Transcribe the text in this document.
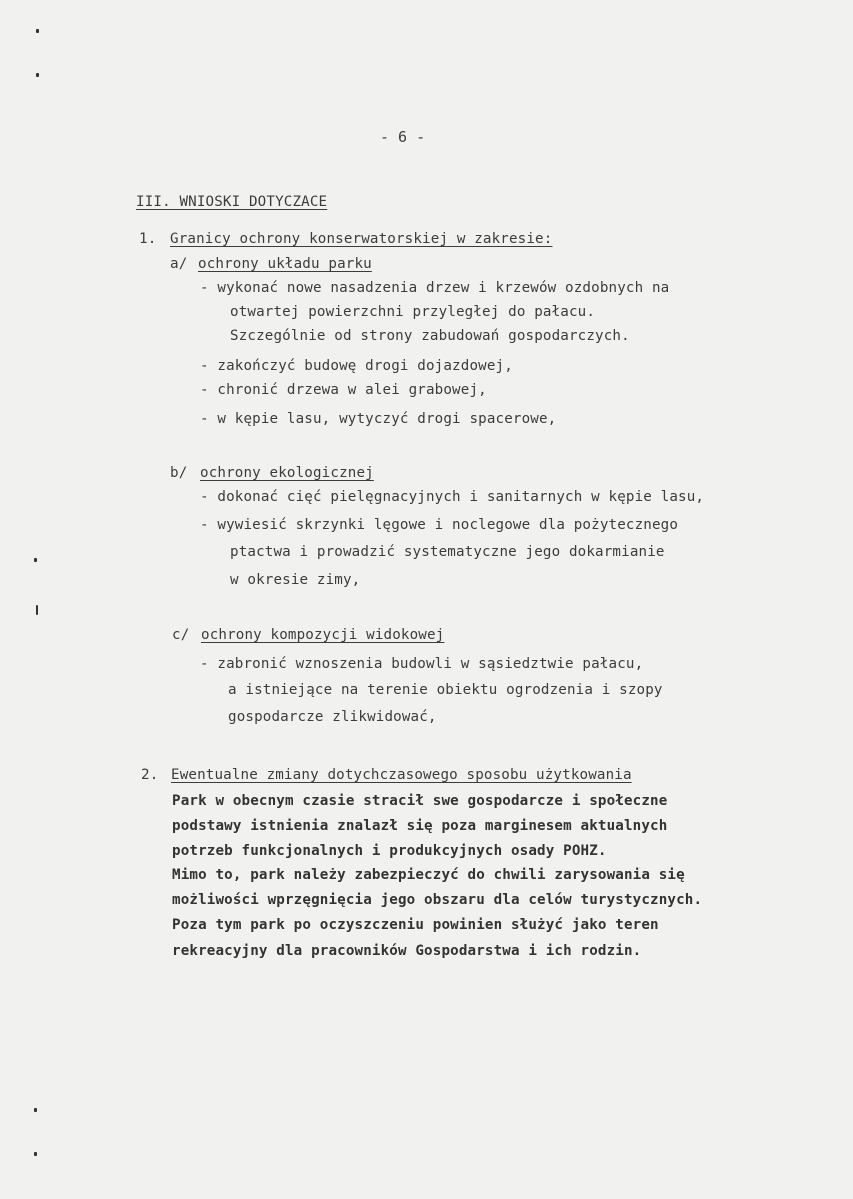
- 6 -
III. WNIOSKI DOTYCZACE
1. Granicy ochrony konserwatorskiej w zakresie:
a/ ochrony układu parku
- wykonać nowe nasadzenia drzew i krzewów ozdobnych na
otwartej powierzchni przyległej do pałacu.
Szczególnie od strony zabudowań gospodarczych.
- zakończyć budowę drogi dojazdowej,
- chronić drzewa w alei grabowej,
- w kępie lasu, wytyczyć drogi spacerowe,
b/ ochrony ekologicznej
- dokonać cięć pielęgnacyjnych i sanitarnych w kępie lasu,
- wywiesić skrzynki lęgowe i noclegowe dla pożytecznego
ptactwa i prowadzić systematyczne jego dokarmianie
w okresie zimy,
c/ ochrony kompozycji widokowej
- zabronić wznoszenia budowli w sąsiedztwie pałacu,
a istniejące na terenie obiektu ogrodzenia i szopy
gospodarcze zlikwidować,
2. Ewentualne zmiany dotychczasowego sposobu użytkowania
Park w obecnym czasie stracił swe gospodarcze i społeczne
podstawy istnienia znalazł się poza marginesem aktualnych
potrzeb funkcjonalnych i produkcyjnych osady POHZ.
Mimo to, park należy zabezpieczyć do chwili zarysowania się
możliwości wprzęgnięcia jego obszaru dla celów turystycznych.
Poza tym park po oczyszczeniu powinien służyć jako teren
rekreacyjny dla pracowników Gospodarstwa i ich rodzin.
